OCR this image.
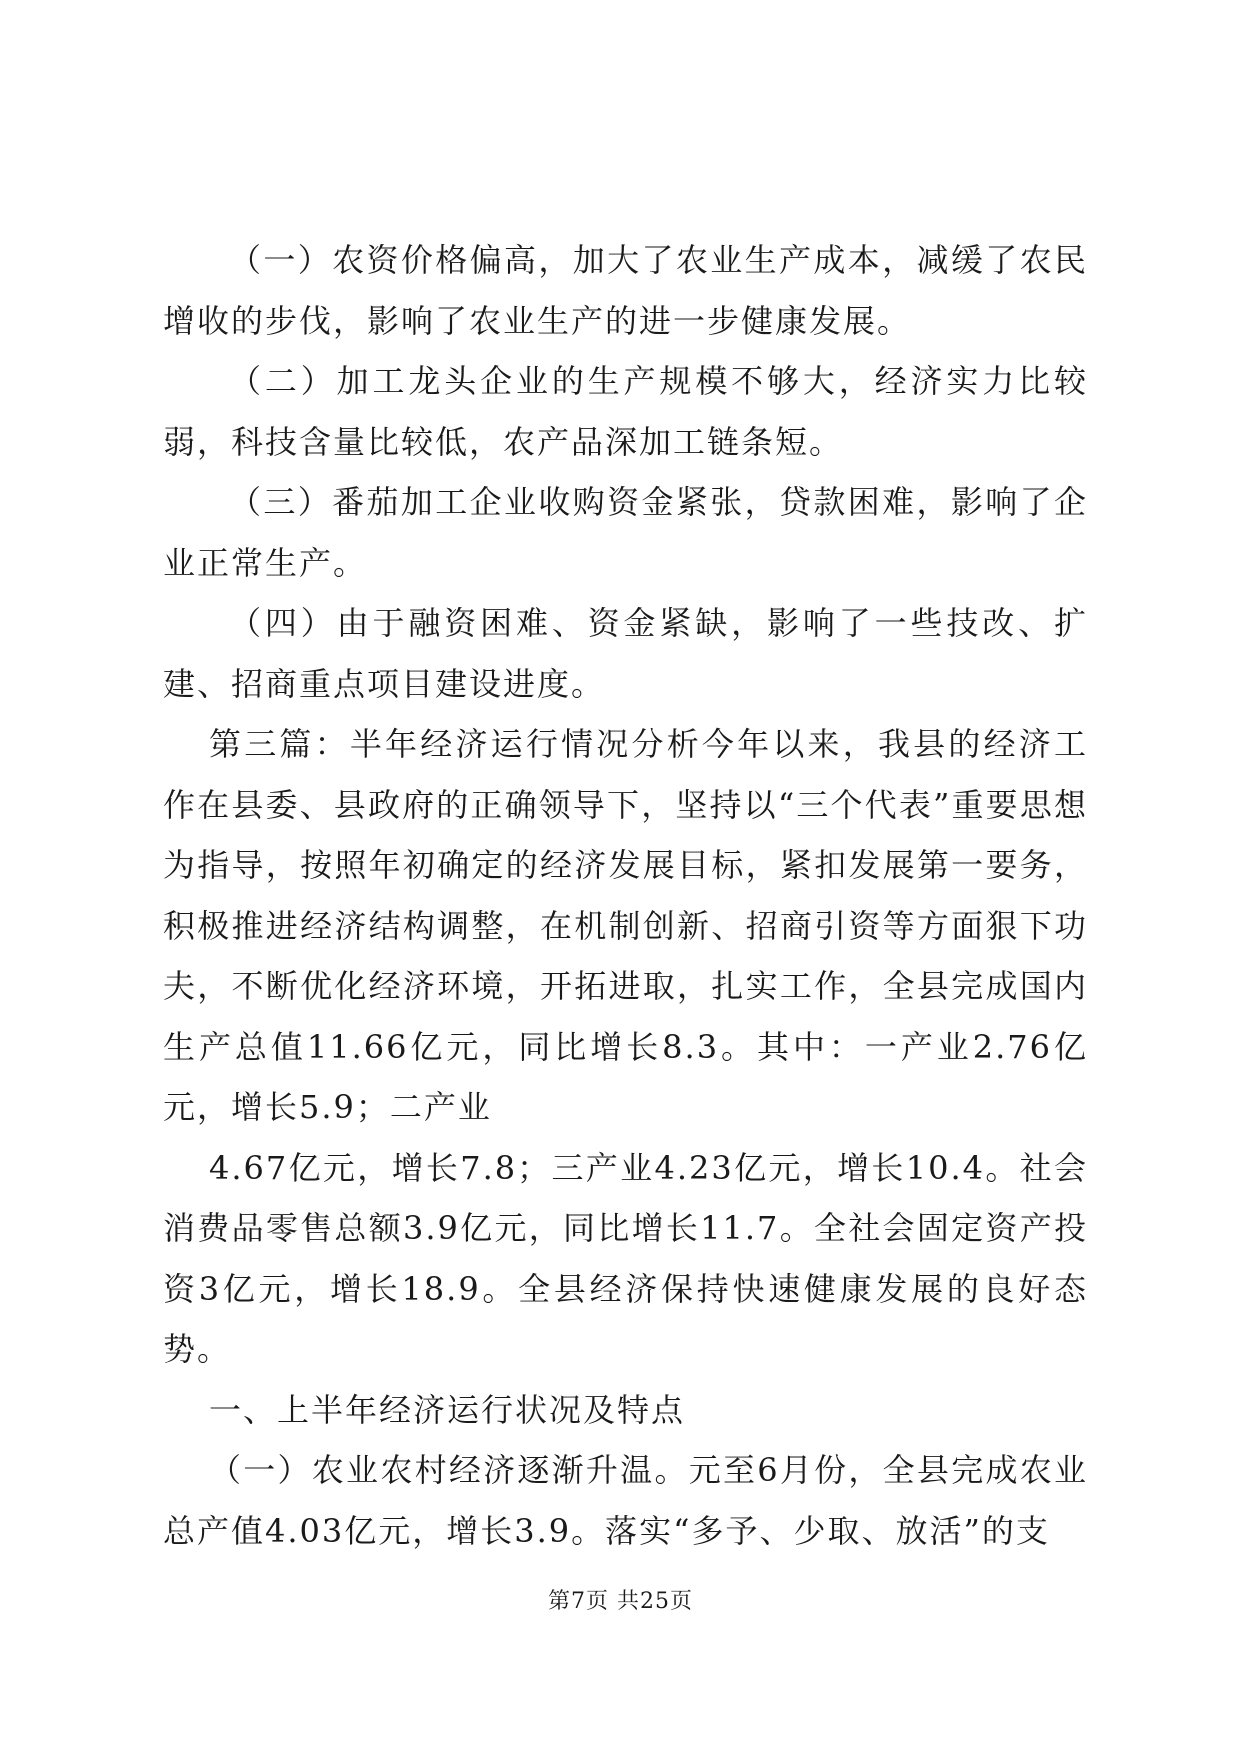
（一）农资价格偏高，加大了农业生产成本，减缓了农民增收的步伐，影响了农业生产的进一步健康发展。

（二）加工龙头企业的生产规模不够大，经济实力比较弱，科技含量比较低，农产品深加工链条短。

（三）番茄加工企业收购资金紧张，贷款困难，影响了企业正常生产。

（四）由于融资困难、资金紧缺，影响了一些技改、扩建、招商重点项目建设进度。

第三篇：半年经济运行情况分析今年以来，我县的经济工作在县委、县政府的正确领导下，坚持以“三个代表”重要思想为指导，按照年初确定的经济发展目标，紧扣发展第一要务，积极推进经济结构调整，在机制创新、招商引资等方面狠下功夫，不断优化经济环境，开拓进取，扎实工作，全县完成国内生产总值11.66亿元，同比增长8.3。其中：一产业2.76亿元，增长5.9；二产业

4.67亿元，增长7.8；三产业4.23亿元，增长10.4。社会消费品零售总额3.9亿元，同比增长11.7。全社会固定资产投资3亿元，增长18.9。全县经济保持快速健康发展的良好态势。

一、上半年经济运行状况及特点

（一）农业农村经济逐渐升温。元至6月份，全县完成农业总产值4.03亿元，增长3.9。落实“多予、少取、放活”的支

第7页 共25页
